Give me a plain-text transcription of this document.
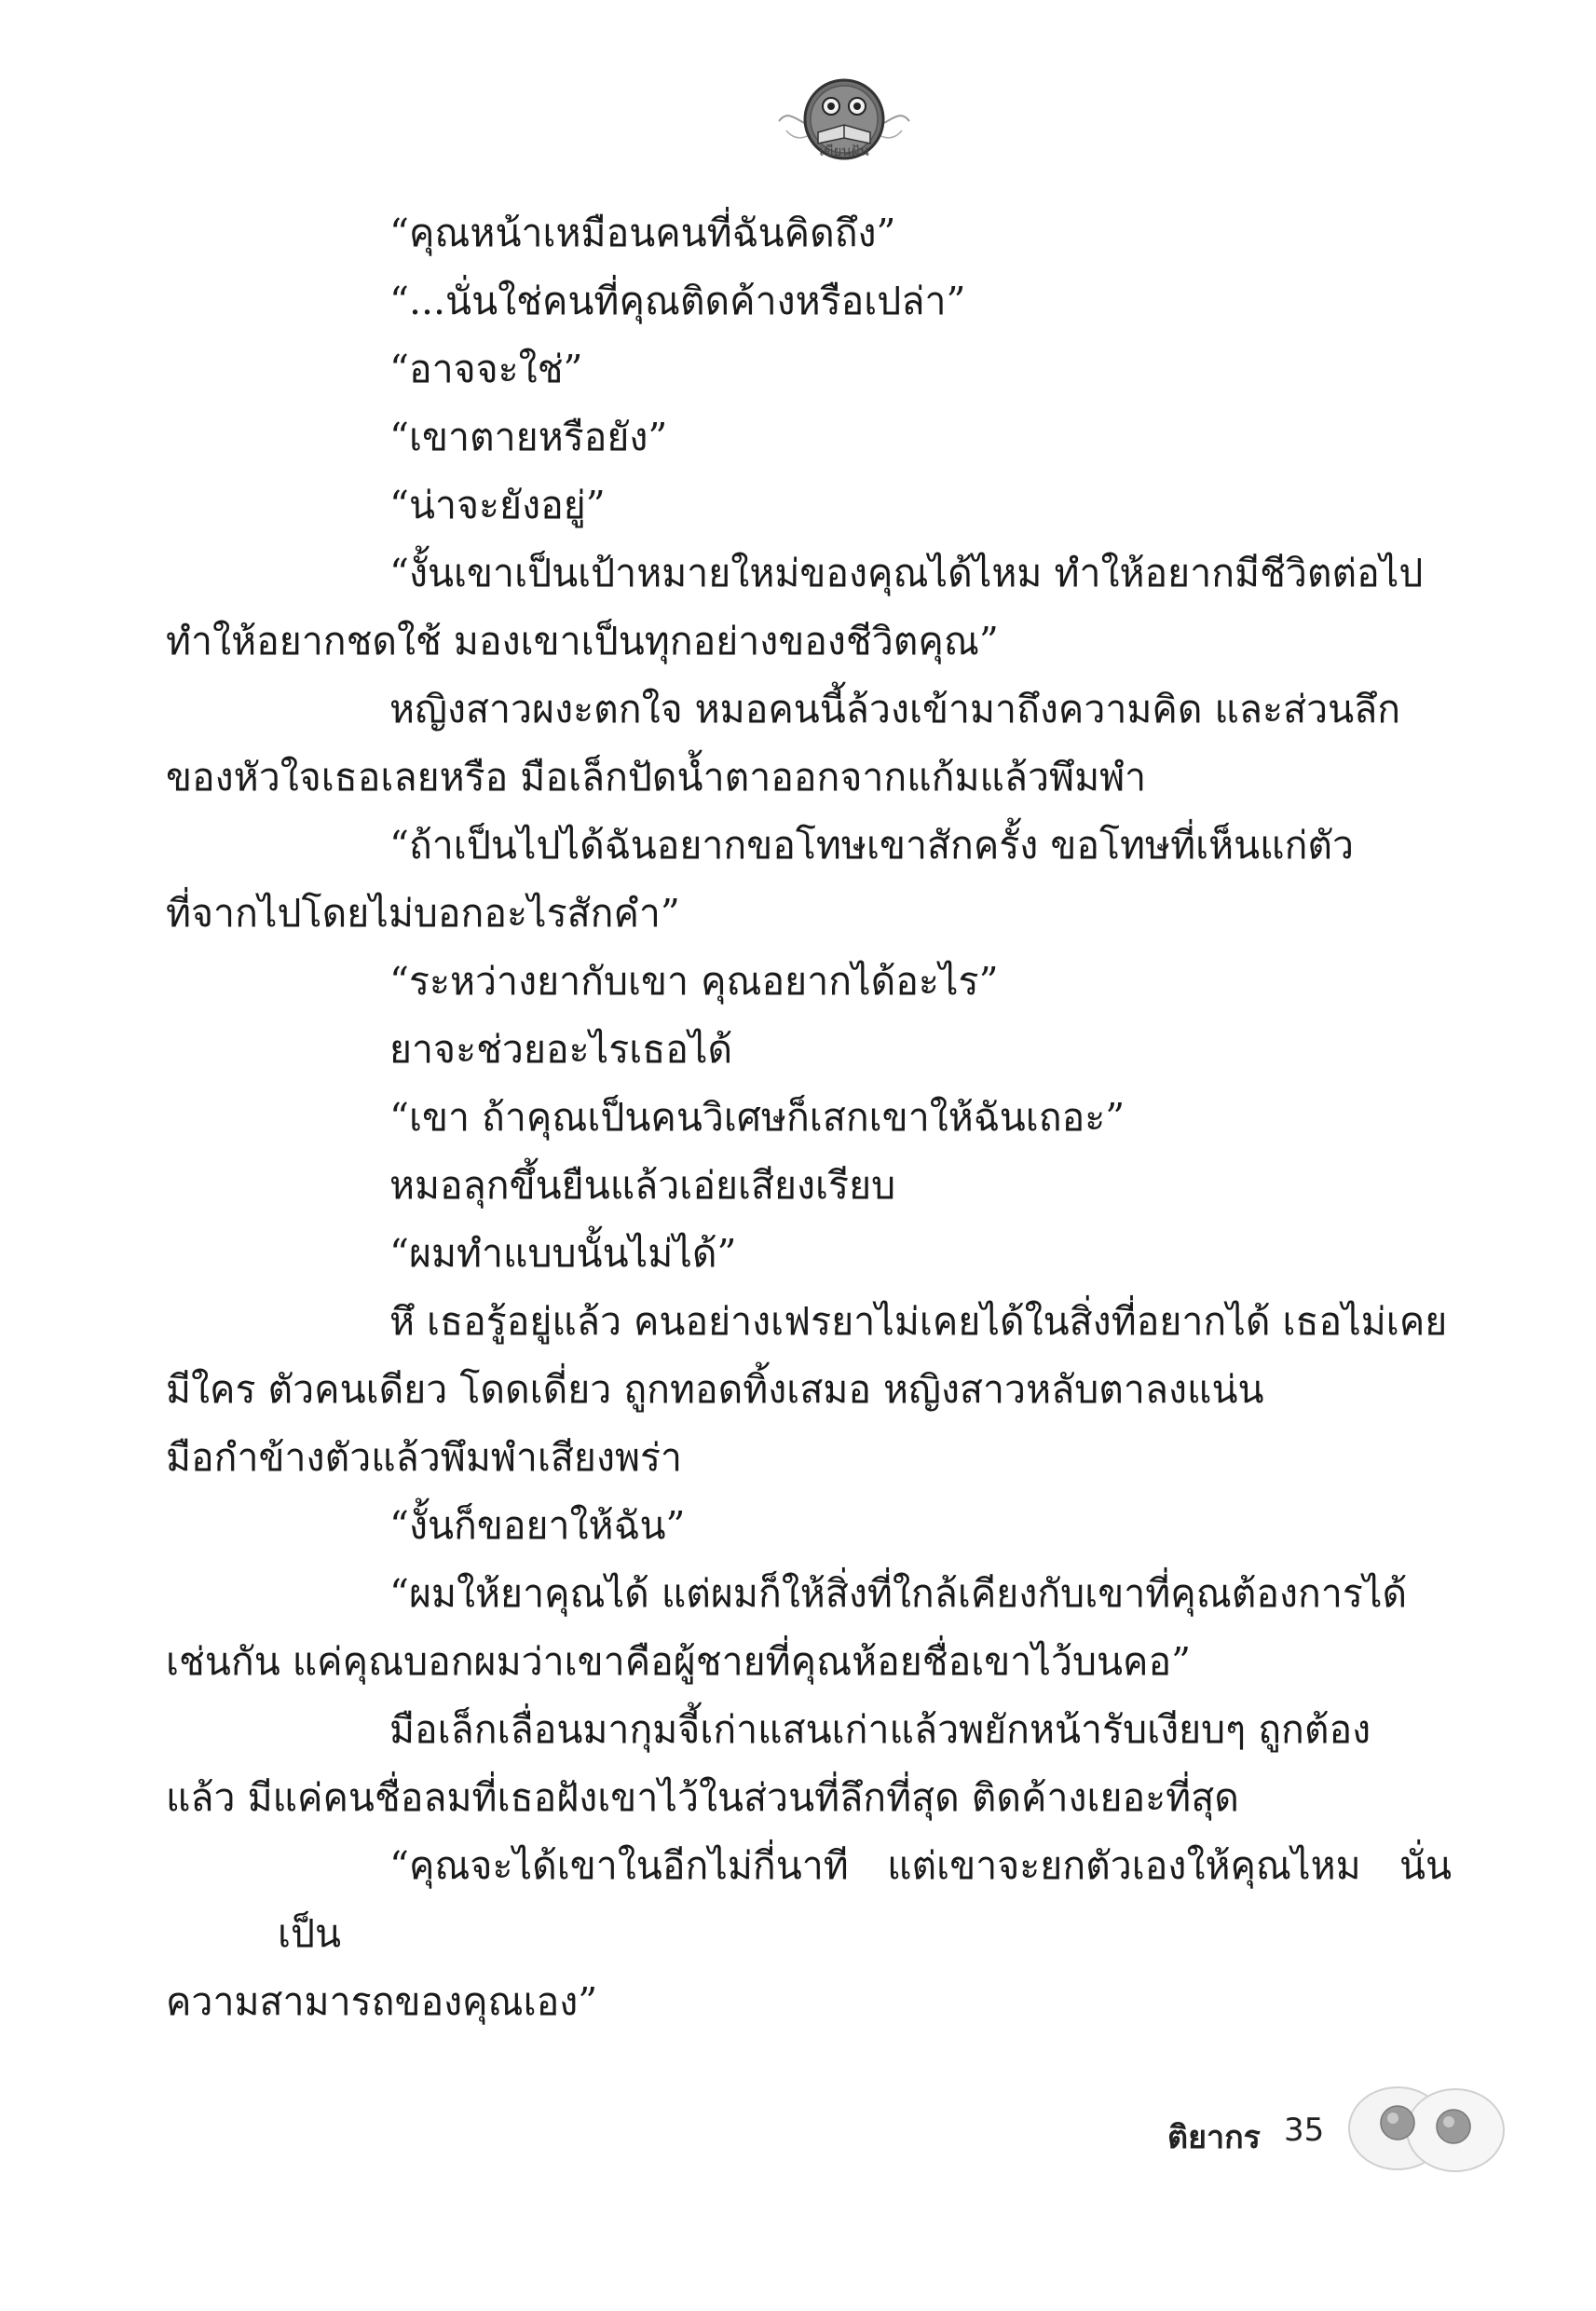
เขียนฝัน

“คุณหน้าเหมือนคนที่ฉันคิดถึง”

“...นั่นใช่คนที่คุณติดค้างหรือเปล่า”

“อาจจะใช่”

“เขาตายหรือยัง”

“น่าจะยังอยู่”

“งั้นเขาเป็นเป้าหมายใหม่ของคุณได้ไหม ทำให้อยากมีชีวิตต่อไป
ทำให้อยากชดใช้ มองเขาเป็นทุกอย่างของชีวิตคุณ”

หญิงสาวผงะตกใจ หมอคนนี้ล้วงเข้ามาถึงความคิด และส่วนลึก
ของหัวใจเธอเลยหรือ มือเล็กปัดน้ำตาออกจากแก้มแล้วพึมพำ

“ถ้าเป็นไปได้ฉันอยากขอโทษเขาสักครั้ง ขอโทษที่เห็นแก่ตัว
ที่จากไปโดยไม่บอกอะไรสักคำ”

“ระหว่างยากับเขา คุณอยากได้อะไร”

ยาจะช่วยอะไรเธอได้

“เขา ถ้าคุณเป็นคนวิเศษก็เสกเขาให้ฉันเถอะ”

หมอลุกขึ้นยืนแล้วเอ่ยเสียงเรียบ

“ผมทำแบบนั้นไม่ได้”

หึ เธอรู้อยู่แล้ว คนอย่างเฟรยาไม่เคยได้ในสิ่งที่อยากได้ เธอไม่เคย
มีใคร ตัวคนเดียว โดดเดี่ยว ถูกทอดทิ้งเสมอ หญิงสาวหลับตาลงแน่น
มือกำข้างตัวแล้วพึมพำเสียงพร่า

“งั้นก็ขอยาให้ฉัน”

“ผมให้ยาคุณได้ แต่ผมก็ให้สิ่งที่ใกล้เคียงกับเขาที่คุณต้องการได้
เช่นกัน แค่คุณบอกผมว่าเขาคือผู้ชายที่คุณห้อยชื่อเขาไว้บนคอ”

มือเล็กเลื่อนมากุมจี้เก่าแสนเก่าแล้วพยักหน้ารับเงียบๆ ถูกต้อง
แล้ว มีแค่คนชื่อลมที่เธอฝังเขาไว้ในส่วนที่ลึกที่สุด ติดค้างเยอะที่สุด

“คุณจะได้เขาในอีกไม่กี่นาที แต่เขาจะยกตัวเองให้คุณไหม นั่นเป็น
ความสามารถของคุณเอง”

ติยากร 35
